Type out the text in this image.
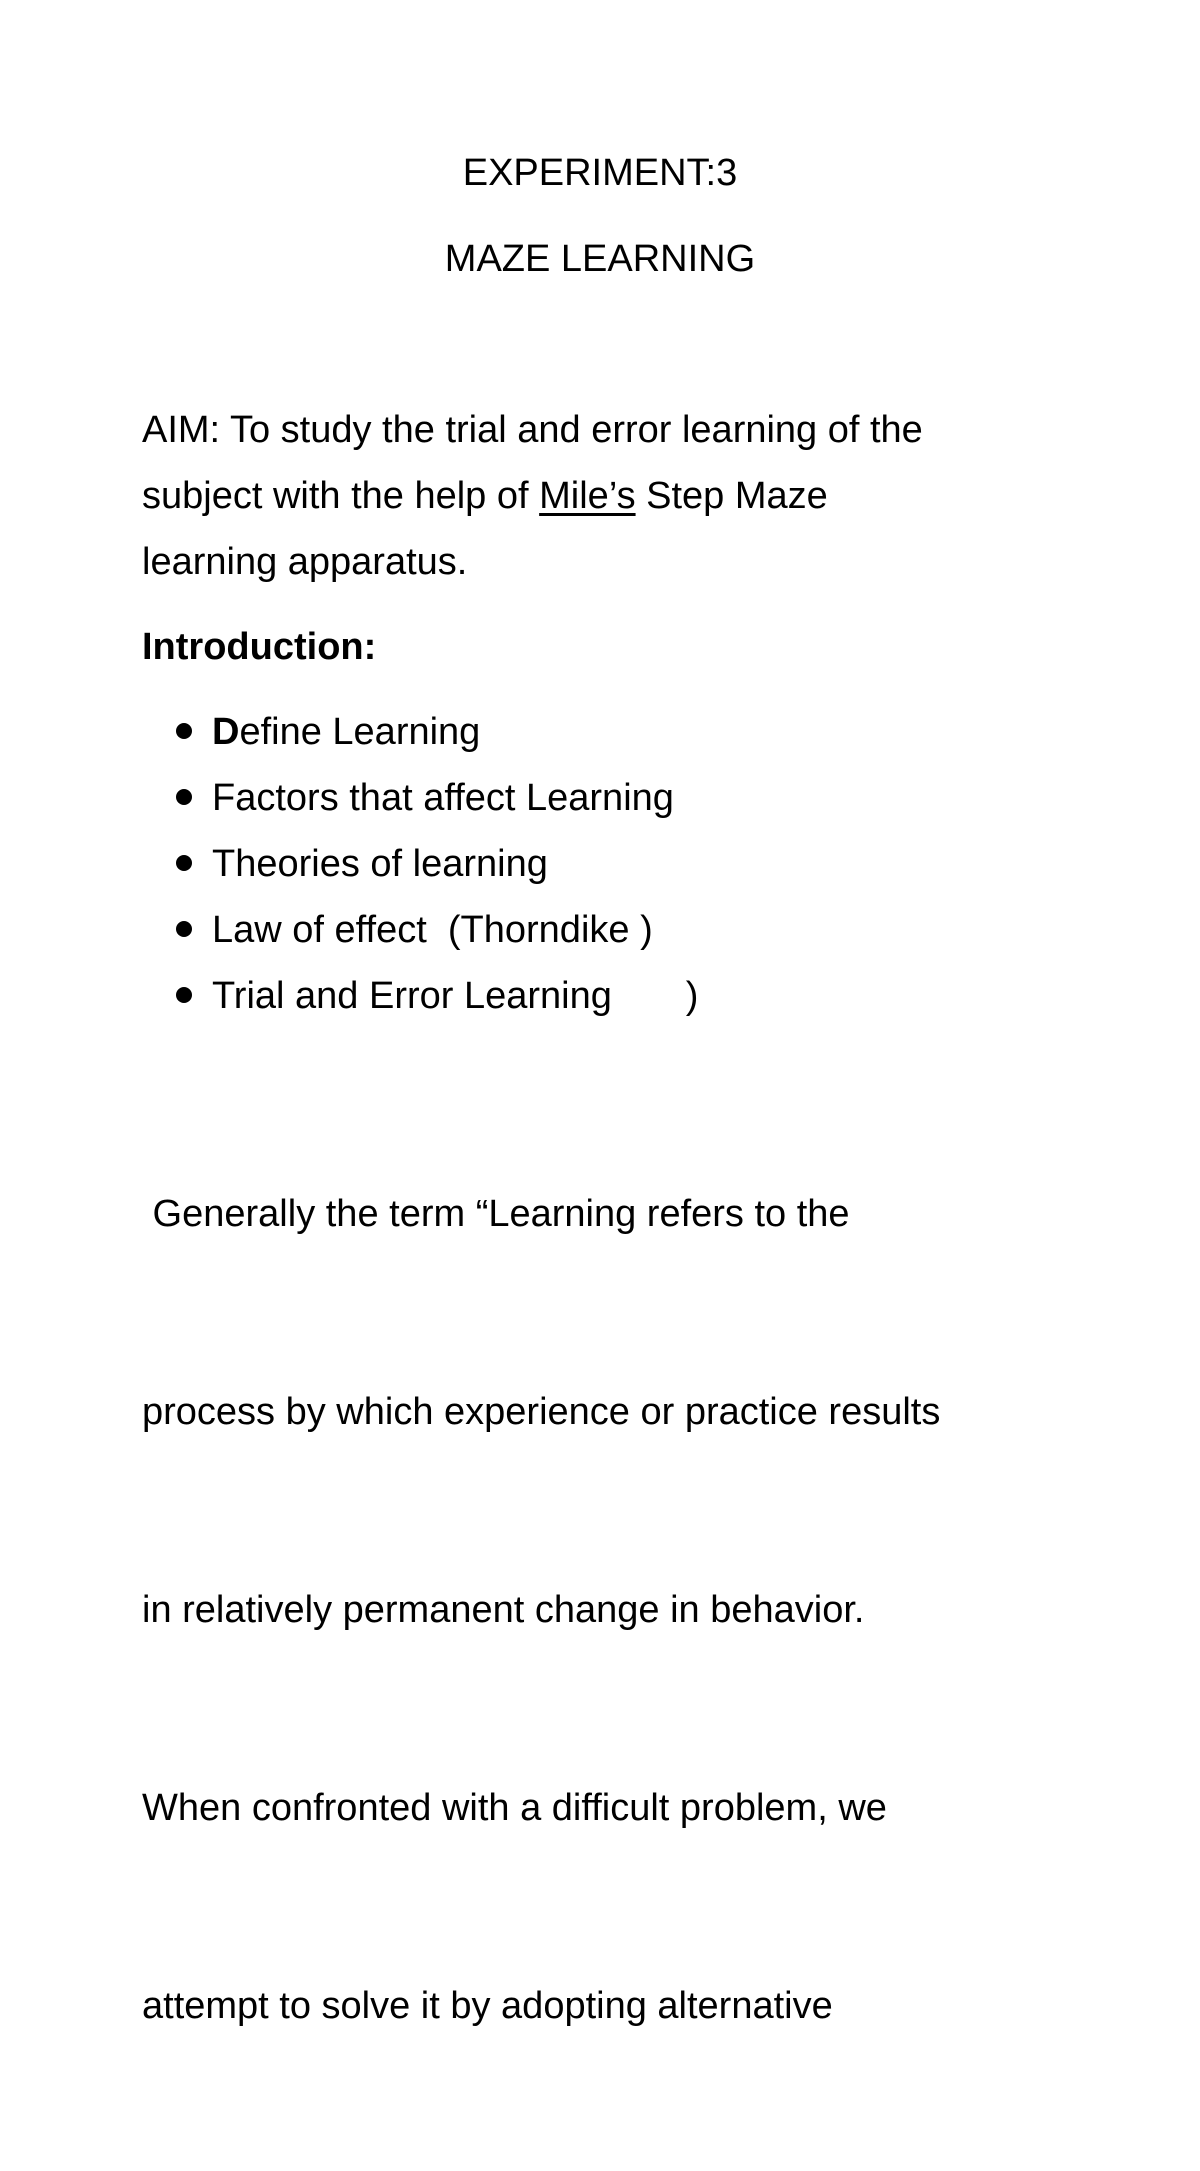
EXPERIMENT:3
MAZE LEARNING
AIM: To study the trial and error learning of the
subject with the help of Mile’s Step Maze
learning apparatus.
Introduction:
Define Learning
Factors that affect Learning
Theories of learning
Law of effect  (Thorndike )
Trial and Error Learning       )

Generally the term “Learning refers to the

process by which experience or practice results

in relatively permanent change in behavior.

When confronted with a difficult problem, we

attempt to solve it by adopting alternative
